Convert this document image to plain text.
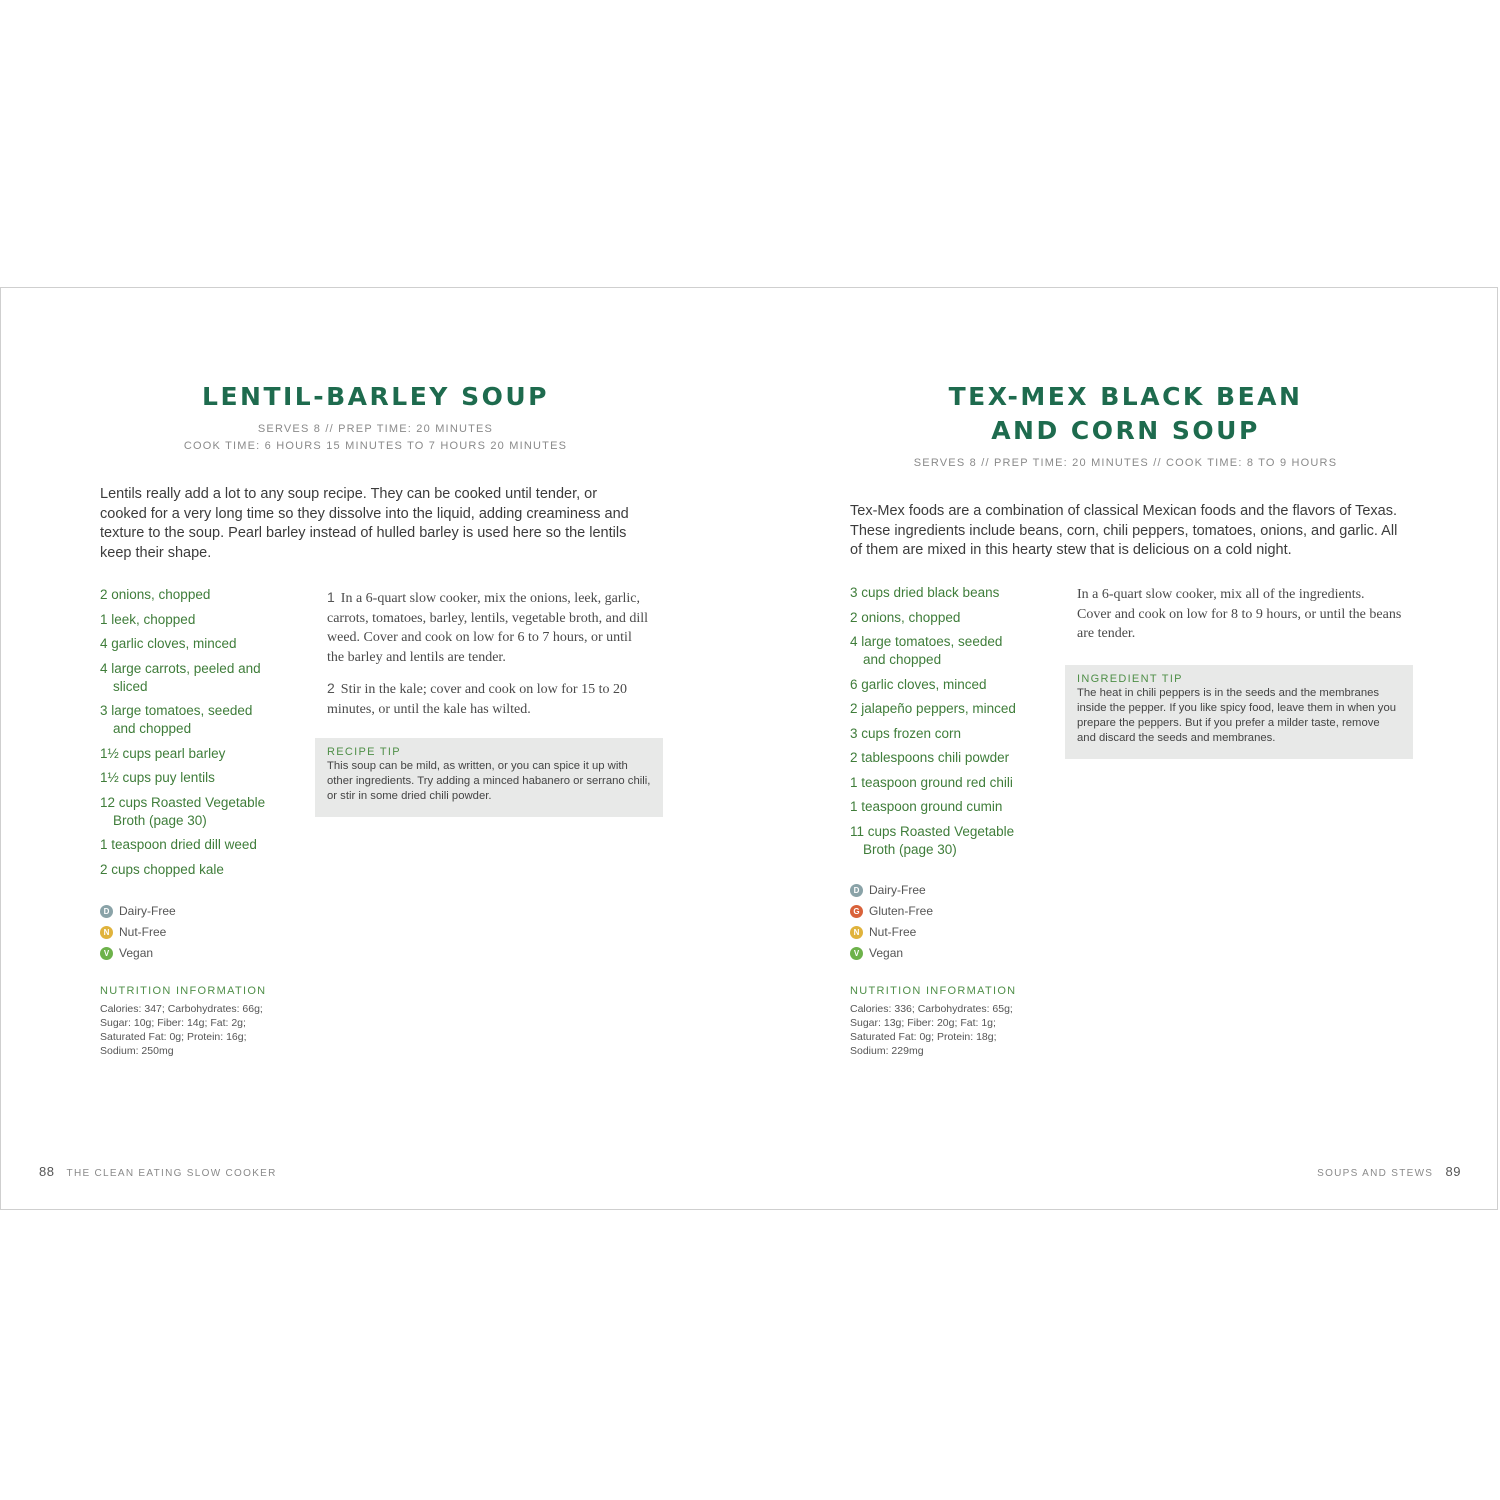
LENTIL-BARLEY SOUP
SERVES 8 // PREP TIME: 20 MINUTES
COOK TIME: 6 HOURS 15 MINUTES TO 7 HOURS 20 MINUTES
Lentils really add a lot to any soup recipe. They can be cooked until tender, or cooked for a very long time so they dissolve into the liquid, adding creaminess and texture to the soup. Pearl barley instead of hulled barley is used here so the lentils keep their shape.
2 onions, chopped
1 leek, chopped
4 garlic cloves, minced
4 large carrots, peeled and sliced
3 large tomatoes, seeded and chopped
1½ cups pearl barley
1½ cups puy lentils
12 cups Roasted Vegetable Broth (page 30)
1 teaspoon dried dill weed
2 cups chopped kale

1 In a 6-quart slow cooker, mix the onions, leek, garlic, carrots, tomatoes, barley, lentils, vegetable broth, and dill weed. Cover and cook on low for 6 to 7 hours, or until the barley and lentils are tender.

2 Stir in the kale; cover and cook on low for 15 to 20 minutes, or until the kale has wilted.

RECIPE TIP
This soup can be mild, as written, or you can spice it up with other ingredients. Try adding a minced habanero or serrano chili, or stir in some dried chili powder.
D Dairy-Free
N Nut-Free
V Vegan
NUTRITION INFORMATION
Calories: 347; Carbohydrates: 66g; Sugar: 10g; Fiber: 14g; Fat: 2g; Saturated Fat: 0g; Protein: 16g; Sodium: 250mg
88 THE CLEAN EATING SLOW COOKER
TEX-MEX BLACK BEAN
AND CORN SOUP
SERVES 8 // PREP TIME: 20 MINUTES // COOK TIME: 8 TO 9 HOURS
Tex-Mex foods are a combination of classical Mexican foods and the flavors of Texas. These ingredients include beans, corn, chili peppers, tomatoes, onions, and garlic. All of them are mixed in this hearty stew that is delicious on a cold night.
3 cups dried black beans
2 onions, chopped
4 large tomatoes, seeded and chopped
6 garlic cloves, minced
2 jalapeño peppers, minced
3 cups frozen corn
2 tablespoons chili powder
1 teaspoon ground red chili
1 teaspoon ground cumin
11 cups Roasted Vegetable Broth (page 30)
In a 6-quart slow cooker, mix all of the ingredients. Cover and cook on low for 8 to 9 hours, or until the beans are tender.
INGREDIENT TIP
The heat in chili peppers is in the seeds and the membranes inside the pepper. If you like spicy food, leave them in when you prepare the peppers. But if you prefer a milder taste, remove and discard the seeds and membranes.
D Dairy-Free
G Gluten-Free
N Nut-Free
V Vegan
NUTRITION INFORMATION
Calories: 336; Carbohydrates: 65g; Sugar: 13g; Fiber: 20g; Fat: 1g; Saturated Fat: 0g; Protein: 18g; Sodium: 229mg
SOUPS AND STEWS 89
